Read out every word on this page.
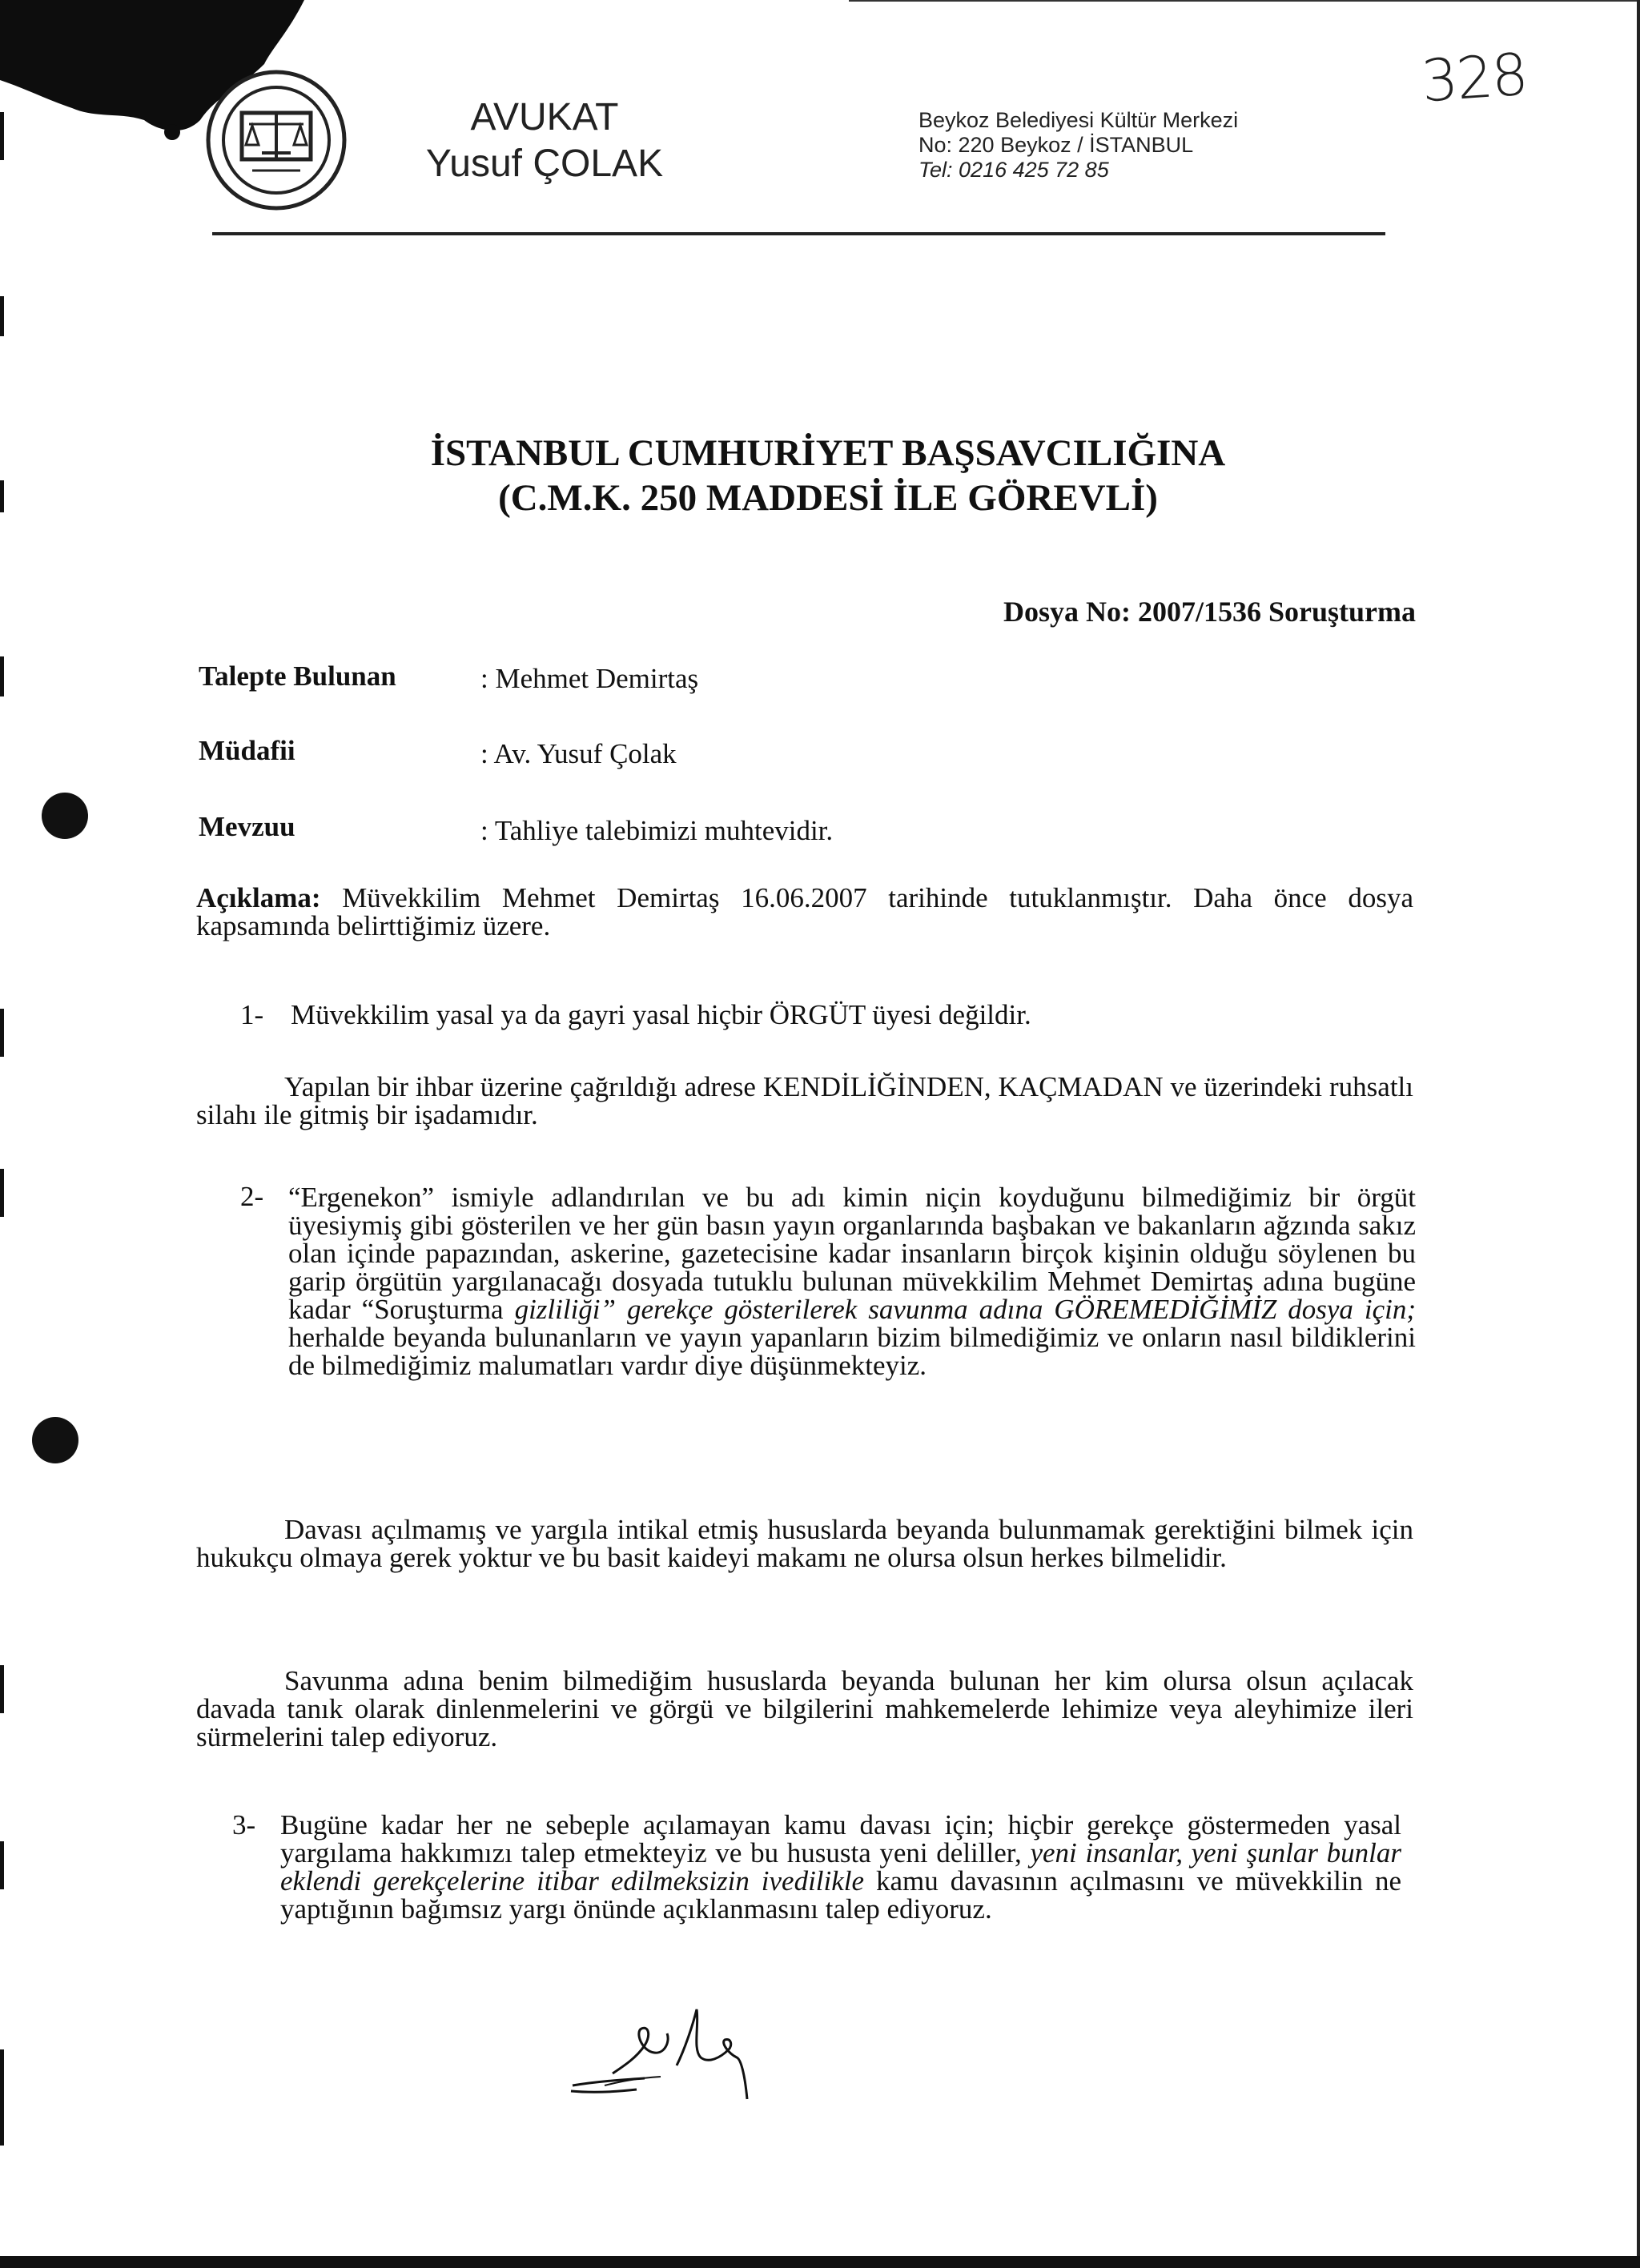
328
AVUKAT
Yusuf ÇOLAK
Beykoz Belediyesi Kültür Merkezi
No: 220 Beykoz / İSTANBUL
Tel: 0216 425 72 85
İSTANBUL CUMHURİYET BAŞSAVCILIĞINA
(C.M.K. 250 MADDESİ İLE GÖREVLİ)
Dosya No: 2007/1536 Soruşturma
Talepte Bulunan	: Mehmet Demirtaş
Müdafii	: Av. Yusuf Çolak
Mevzuu	: Tahliye talebimizi muhtevidir.
Açıklama: Müvekkilim Mehmet Demirtaş 16.06.2007 tarihinde tutuklanmıştır. Daha önce dosya kapsamında belirttiğimiz üzere.
1- Müvekkilim yasal ya da gayri yasal hiçbir ÖRGÜT üyesi değildir.
Yapılan bir ihbar üzerine çağrıldığı adrese KENDİLİĞİNDEN, KAÇMADAN ve üzerindeki ruhsatlı silahı ile gitmiş bir işadamıdır.
2- “Ergenekon” ismiyle adlandırılan ve bu adı kimin niçin koyduğunu bilmediğimiz bir örgüt üyesiymiş gibi gösterilen ve her gün basın yayın organlarında başbakan ve bakanların ağzında sakız olan içinde papazından, askerine, gazetecisine kadar insanların birçok kişinin olduğu söylenen bu garip örgütün yargılanacağı dosyada tutuklu bulunan müvekkilim Mehmet Demirtaş adına bugüne kadar “Soruşturma gizliliği” gerekçe gösterilerek savunma adına GÖREMEDİĞİMİZ dosya için; herhalde beyanda bulunanların ve yayın yapanların bizim bilmediğimiz ve onların nasıl bildiklerini de bilmediğimiz malumatları vardır diye düşünmekteyiz.
Davası açılmamış ve yargıla intikal etmiş hususlarda beyanda bulunmamak gerektiğini bilmek için hukukçu olmaya gerek yoktur ve bu basit kaideyi makamı ne olursa olsun herkes bilmelidir.
Savunma adına benim bilmediğim hususlarda beyanda bulunan her kim olursa olsun açılacak davada tanık olarak dinlenmelerini ve görgü ve bilgilerini mahkemelerde lehimize veya aleyhimize ileri sürmelerini talep ediyoruz.
3- Bugüne kadar her ne sebeple açılamayan kamu davası için; hiçbir gerekçe göstermeden yasal yargılama hakkımızı talep etmekteyiz ve bu hususta yeni deliller, yeni insanlar, yeni şunlar bunlar eklendi gerekçelerine itibar edilmeksizin ivedilikle kamu davasının açılmasını ve müvekkilin ne yaptığının bağımsız yargı önünde açıklanmasını talep ediyoruz.
